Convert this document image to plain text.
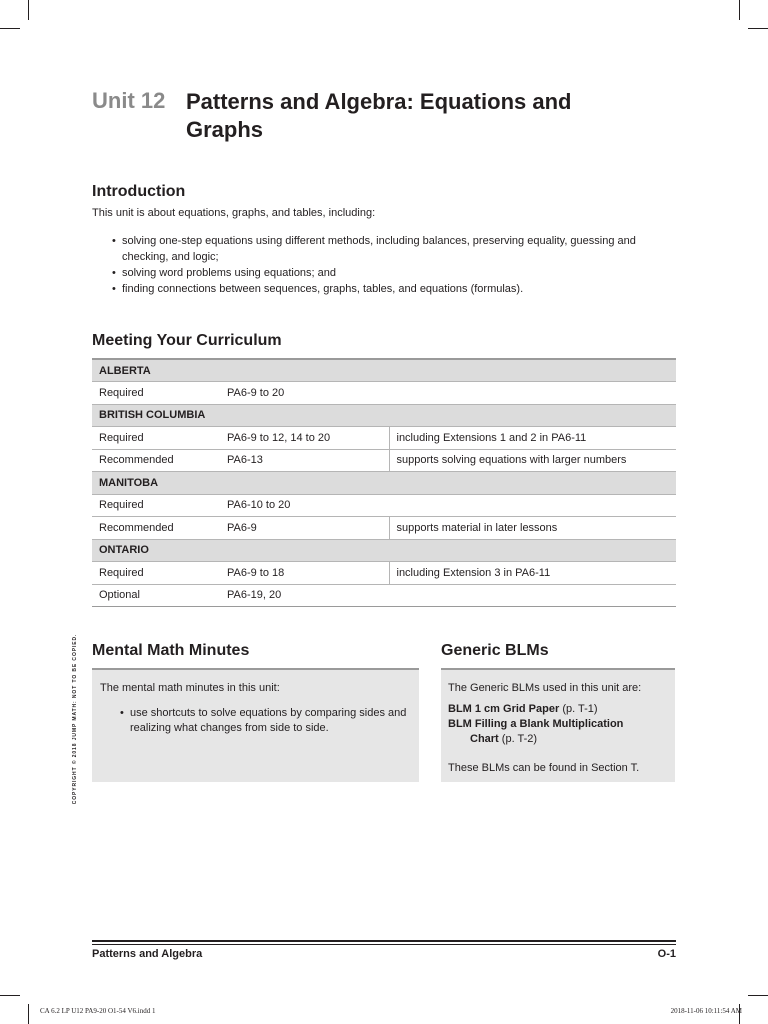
Unit 12 Patterns and Algebra: Equations and Graphs
Introduction
This unit is about equations, graphs, and tables, including:
• solving one-step equations using different methods, including balances, preserving equality, guessing and checking, and logic;
• solving word problems using equations; and
• finding connections between sequences, graphs, tables, and equations (formulas).
Meeting Your Curriculum
ALBERTA		
Required	PA6-9 to 20	
BRITISH COLUMBIA		
Required	PA6-9 to 12, 14 to 20	including Extensions 1 and 2 in PA6-11
Recommended	PA6-13	supports solving equations with larger numbers
MANITOBA		
Required	PA6-10 to 20	
Recommended	PA6-9	supports material in later lessons
ONTARIO		
Required	PA6-9 to 18	including Extension 3 in PA6-11
Optional	PA6-19, 20	
Mental Math Minutes

The mental math minutes in this unit:

• use shortcuts to solve equations by comparing sides and realizing what changes from side to side.
Generic BLMs

The Generic BLMs used in this unit are:

BLM 1 cm Grid Paper (p. T-1)

BLM Filling a Blank Multiplication

Chart (p. T-2)

These BLMs can be found in Section T.

COPYRIGHT © 2018 JUMP MATH: NOT TO BE COPIED.
Patterns and Algebra	O-1
CA 6.2 LP U12 PA9-20 O1-54 V6.indd 1	2018-11-06 10:11:54 AM
